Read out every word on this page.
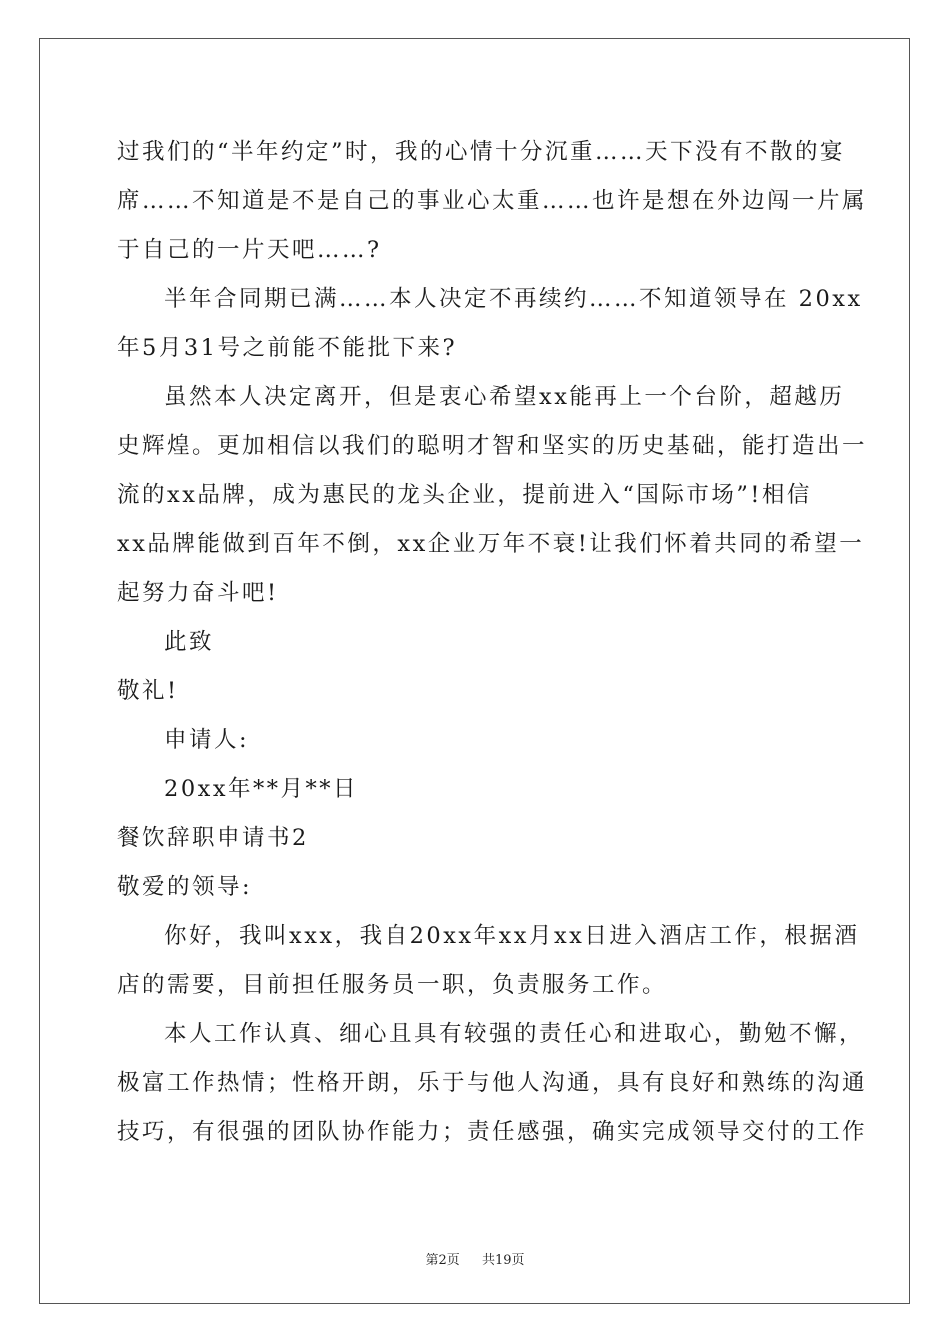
过我们的“半年约定”时，我的心情十分沉重……天下没有不散的宴
席……不知道是不是自己的事业心太重……也许是想在外边闯一片属
于自己的一片天吧……?
半年合同期已满……本人决定不再续约……不知道领导在 20xx
年5月31号之前能不能批下来?
虽然本人决定离开，但是衷心希望xx能再上一个台阶，超越历
史辉煌。更加相信以我们的聪明才智和坚实的历史基础，能打造出一
流的xx品牌，成为惠民的龙头企业，提前进入“国际市场”!相信
xx品牌能做到百年不倒，xx企业万年不衰!让我们怀着共同的希望一
起努力奋斗吧!
此致
敬礼!
申请人:
20xx年**月**日
餐饮辞职申请书2
敬爱的领导:
你好，我叫xxx，我自20xx年xx月xx日进入酒店工作，根据酒
店的需要，目前担任服务员一职，负责服务工作。
本人工作认真、细心且具有较强的责任心和进取心，勤勉不懈，
极富工作热情；性格开朗，乐于与他人沟通，具有良好和熟练的沟通
技巧，有很强的团队协作能力；责任感强，确实完成领导交付的工作
第2页 共19页
